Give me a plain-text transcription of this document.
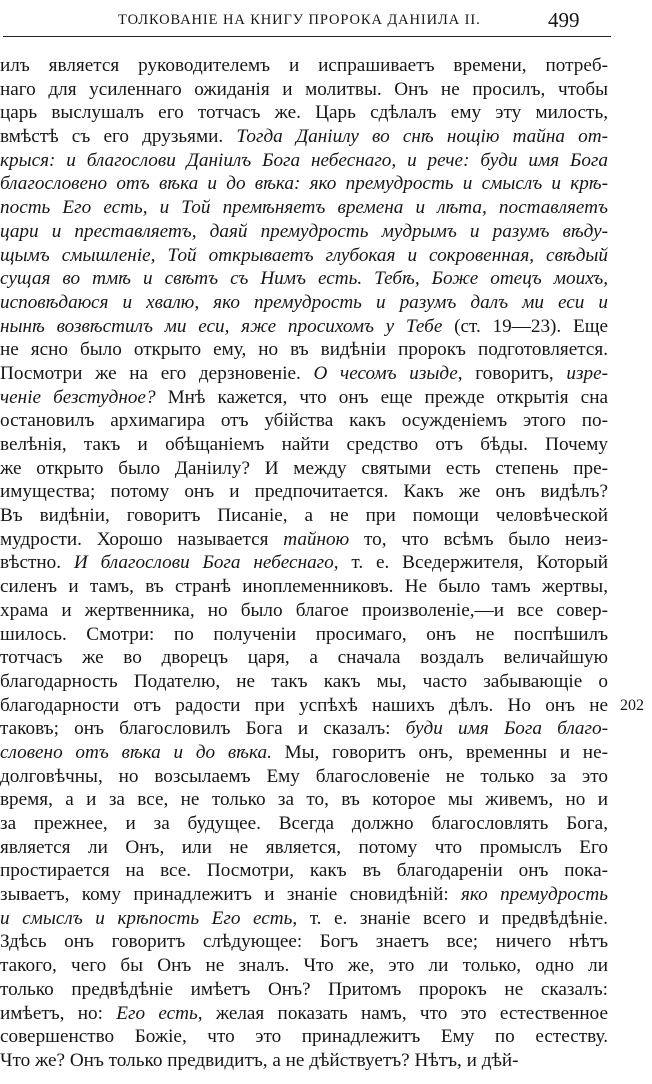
ТОЛКОВАНІЕ НА КНИГУ ПРОРОКА ДАНІИЛА II.	499
илъ является руководителемъ и испрашиваетъ времени, потреб-
наго для усиленнаго ожиданія и молитвы. Онъ не просилъ, чтобы
царь выслушалъ его тотчасъ же. Царь сдѣлалъ ему эту милость,
вмѣстѣ съ его друзьями. Тогда Даніилу во снѣ нощію тайна от-
крыся: и благослови Даніилъ Бога небеснаго, и рече: буди имя Бога
благословено отъ вѣка и до вѣка: яко премудрость и смыслъ и крѣ-
пость Его есть, и Той премѣняетъ времена и лѣта, поставляетъ
цари и преставляетъ, даяй премудрость мудрымъ и разумъ вѣду-
щымъ смышленіе, Той открываетъ глубокая и сокровенная, свѣдый
сущая во тмѣ и свѣтъ съ Нимъ есть. Тебѣ, Боже отецъ моихъ,
исповѣдаюся и хвалю, яко премудрость и разумъ далъ ми еси и
нынѣ возвѣстилъ ми еси, яже просихомъ у Тебе (ст. 19—23). Еще
не ясно было открыто ему, но въ видѣніи пророкъ подготовляется.
Посмотри же на его дерзновеніе. О чесомъ изыде, говоритъ, изре-
ченіе безстудное? Мнѣ кажется, что онъ еще прежде открытія сна
остановилъ архимагира отъ убійства какъ осужденіемъ этого по-
велѣнія, такъ и обѣщаніемъ найти средство отъ бѣды. Почему
же открыто было Даніилу? И между святыми есть степень пре-
имущества; потому онъ и предпочитается. Какъ же онъ видѣлъ?
Въ видѣніи, говоритъ Писаніе, а не при помощи человѣческой
мудрости. Хорошо называется тайною то, что всѣмъ было неиз-
вѣстно. И благослови Бога небеснаго, т. е. Вседержителя, Который
силенъ и тамъ, въ странѣ иноплеменниковъ. Не было тамъ жертвы,
храма и жертвенника, но было благое произволеніе,—и все совер-
шилось. Смотри: по полученіи просимаго, онъ не поспѣшилъ
тотчасъ же во дворецъ царя, а сначала воздалъ величайшую
благодарность Подателю, не такъ какъ мы, часто забывающіе о
благодарности отъ радости при успѣхѣ нашихъ дѣлъ. Но онъ не
таковъ; онъ благословилъ Бога и сказалъ: буди имя Бога благо-
словено отъ вѣка и до вѣка. Мы, говоритъ онъ, временны и не-
долговѣчны, но возсылаемъ Ему благословеніе не только за это
время, а и за все, не только за то, въ которое мы живемъ, но и
за прежнее, и за будущее. Всегда должно благословлять Бога,
является ли Онъ, или не является, потому что промыслъ Его
простирается на все. Посмотри, какъ въ благодареніи онъ пока-
зываетъ, кому принадлежитъ и знаніе сновидѣній: яко премудрость
и смыслъ и крѣпость Его есть, т. е. знаніе всего и предвѣдѣніе.
Здѣсь онъ говоритъ слѣдующее: Богъ знаетъ все; ничего нѣтъ
такого, чего бы Онъ не зналъ. Что же, это ли только, одно ли
только предвѣдѣніе имѣетъ Онъ? Притомъ пророкъ не сказалъ:
имѣетъ, но: Его есть, желая показать намъ, что это естественное
совершенство Божіе, что это принадлежитъ Ему по естеству.
Что же? Онъ только предвидитъ, а не дѣйствуетъ? Нѣтъ, и дѣй-
202
